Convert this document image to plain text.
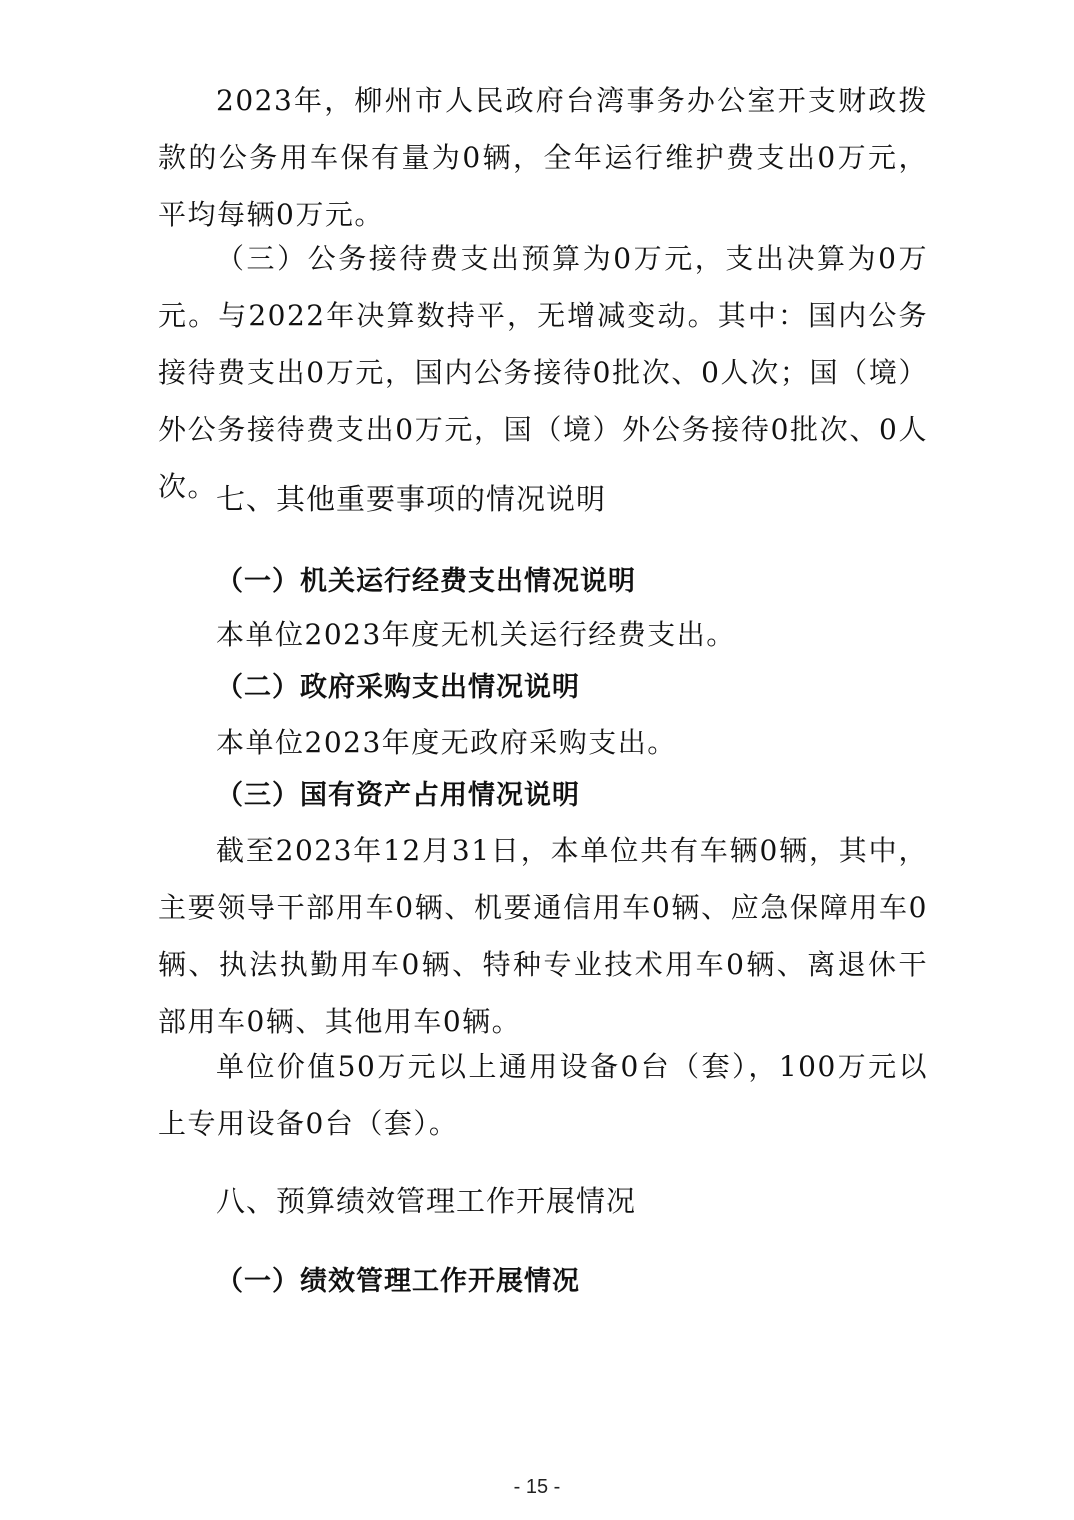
2023年，柳州市人民政府台湾事务办公室开支财政拨款的公务用车保有量为0辆，全年运行维护费支出0万元，平均每辆0万元。

（三）公务接待费支出预算为0万元，支出决算为0万元。与2022年决算数持平，无增减变动。其中：国内公务接待费支出0万元，国内公务接待0批次、0人次；国（境）外公务接待费支出0万元，国（境）外公务接待0批次、0人次。

七、其他重要事项的情况说明
（一）机关运行经费支出情况说明

本单位2023年度无机关运行经费支出。

（二）政府采购支出情况说明

本单位2023年度无政府采购支出。

（三）国有资产占用情况说明

截至2023年12月31日，本单位共有车辆0辆，其中，主要领导干部用车0辆、机要通信用车0辆、应急保障用车0辆、执法执勤用车0辆、特种专业技术用车0辆、离退休干部用车0辆、其他用车0辆。

单位价值50万元以上通用设备0台（套），100万元以上专用设备0台（套）。

八、预算绩效管理工作开展情况
（一）绩效管理工作开展情况
- 15 -
